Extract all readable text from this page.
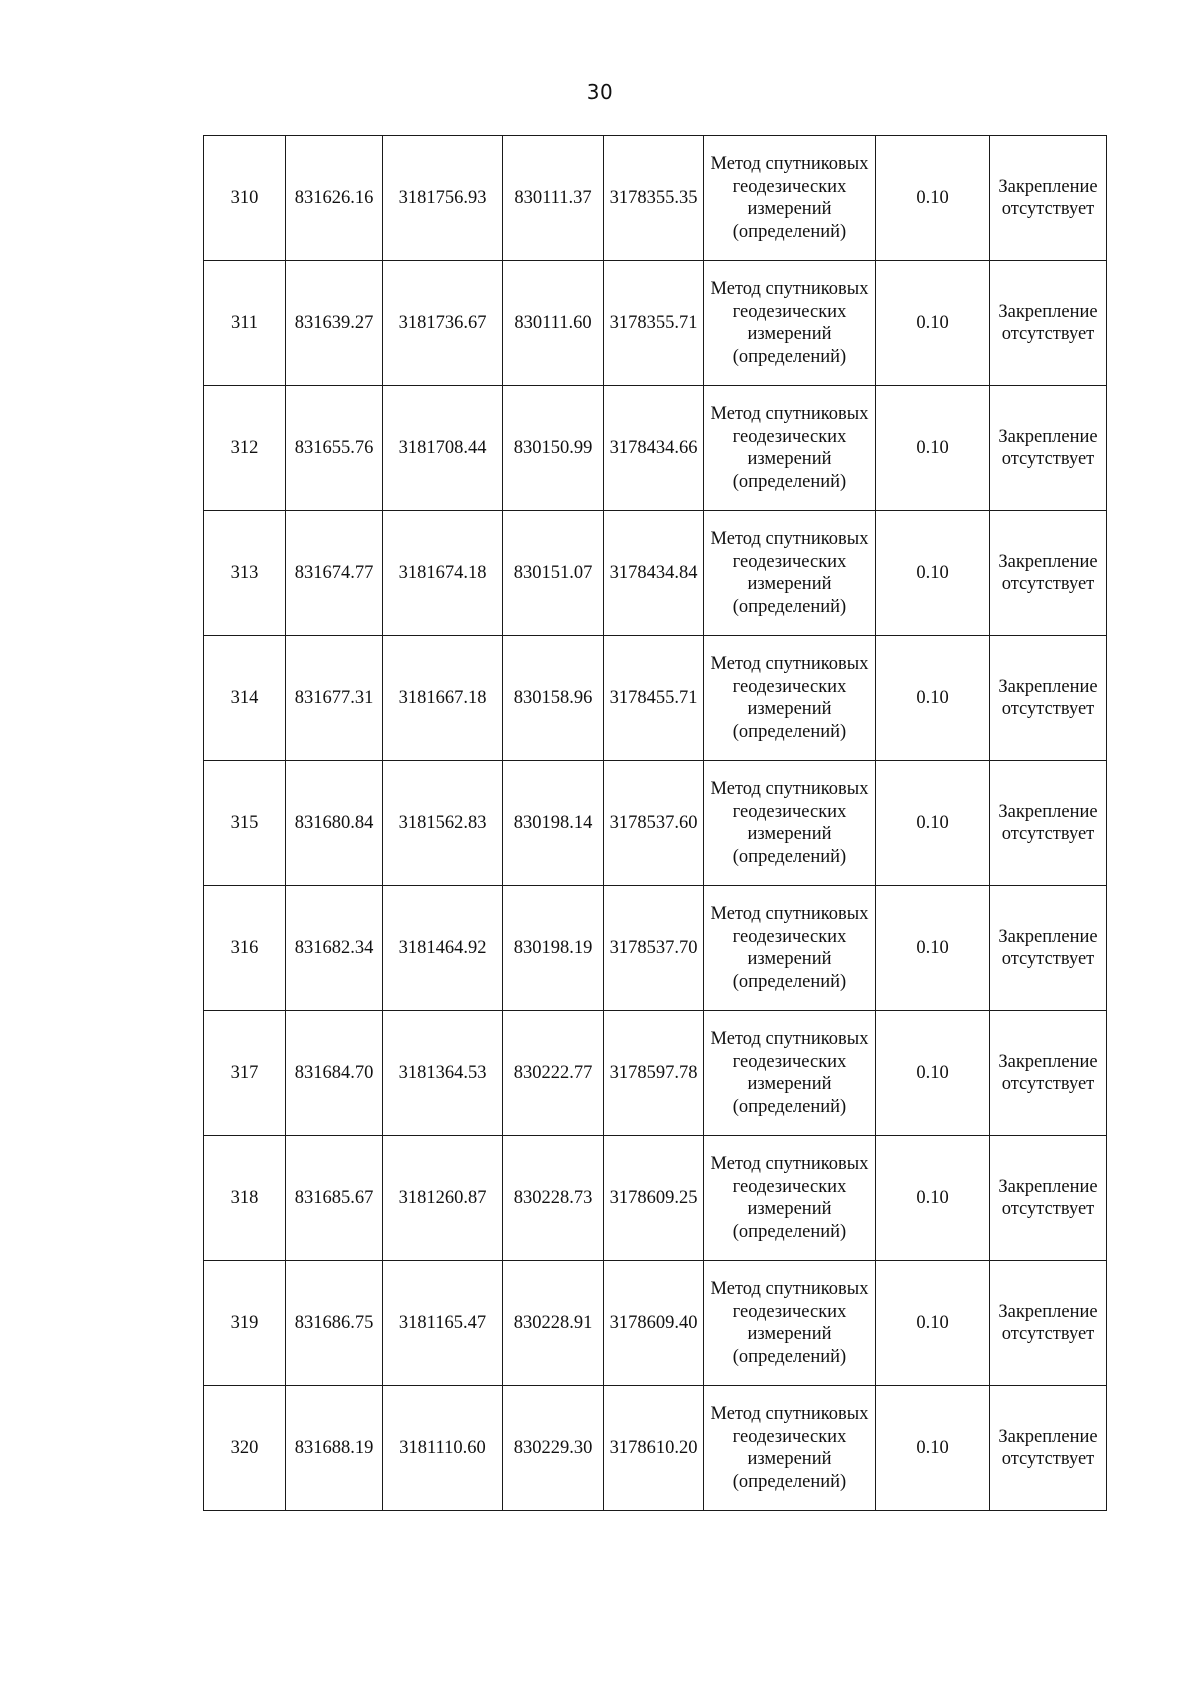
30
310	831626.16	3181756.93	830111.37	3178355.35	Метод спутниковых геодезических измерений (определений)	0.10	Закрепление отсутствует
311	831639.27	3181736.67	830111.60	3178355.71	Метод спутниковых геодезических измерений (определений)	0.10	Закрепление отсутствует
312	831655.76	3181708.44	830150.99	3178434.66	Метод спутниковых геодезических измерений (определений)	0.10	Закрепление отсутствует
313	831674.77	3181674.18	830151.07	3178434.84	Метод спутниковых геодезических измерений (определений)	0.10	Закрепление отсутствует
314	831677.31	3181667.18	830158.96	3178455.71	Метод спутниковых геодезических измерений (определений)	0.10	Закрепление отсутствует
315	831680.84	3181562.83	830198.14	3178537.60	Метод спутниковых геодезических измерений (определений)	0.10	Закрепление отсутствует
316	831682.34	3181464.92	830198.19	3178537.70	Метод спутниковых геодезических измерений (определений)	0.10	Закрепление отсутствует
317	831684.70	3181364.53	830222.77	3178597.78	Метод спутниковых геодезических измерений (определений)	0.10	Закрепление отсутствует
318	831685.67	3181260.87	830228.73	3178609.25	Метод спутниковых геодезических измерений (определений)	0.10	Закрепление отсутствует
319	831686.75	3181165.47	830228.91	3178609.40	Метод спутниковых геодезических измерений (определений)	0.10	Закрепление отсутствует
320	831688.19	3181110.60	830229.30	3178610.20	Метод спутниковых геодезических измерений (определений)	0.10	Закрепление отсутствует
